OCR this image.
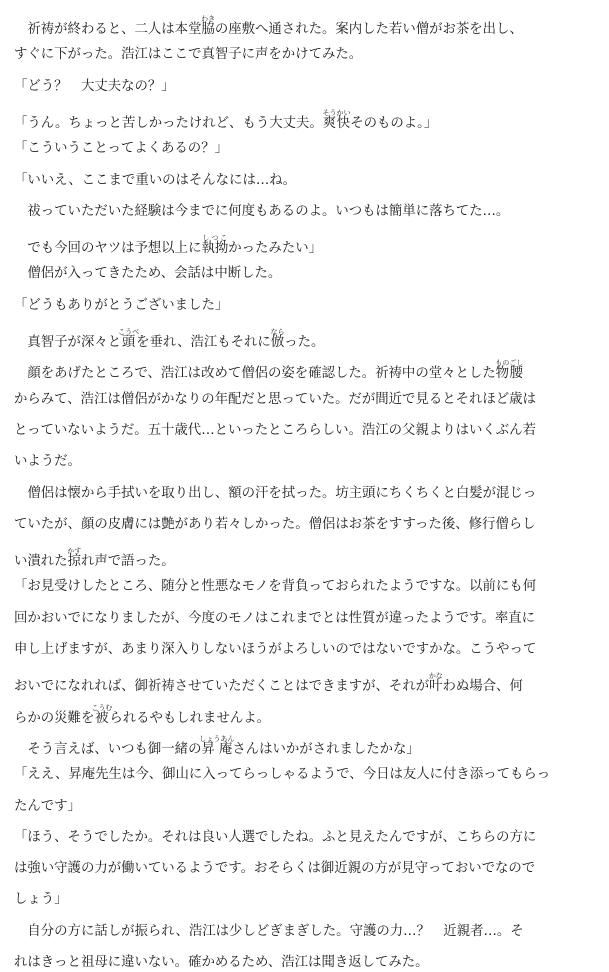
　祈祷が終わると、二人は本堂脇わきの座敷へ通された。案内した若い僧がお茶を出し、
すぐに下がった。浩江はここで真智子に声をかけてみた。
「どう？　大丈夫なの？」
「うん。ちょっと苦しかったけれど、もう大丈夫。爽快そうかいそのものよ。」
「こういうことってよくあるの？」
「いいえ、ここまで重いのはそんなには…ね。
　祓っていただいた経験は今までに何度もあるのよ。いつもは簡単に落ちてた…。
　でも今回のヤツは予想以上に執拗しつこかったみたい」
　僧侶が入ってきたため、会話は中断した。
「どうもありがとうございました」
　真智子が深々と頭こうべを垂れ、浩江もそれに倣ならった。
　顔をあげたところで、浩江は改めて僧侶の姿を確認した。祈祷中の堂々とした物腰ものごし
からみて、浩江は僧侶がかなりの年配だと思っていた。だが間近で見るとそれほど歳は
とっていないようだ。五十歳代…といったところらしい。浩江の父親よりはいくぶん若
いようだ。
　僧侶は懐から手拭いを取り出し、額の汗を拭った。坊主頭にちくちくと白髪が混じっ
ていたが、顔の皮膚には艶があり若々しかった。僧侶はお茶をすすった後、修行僧らし
い潰れた掠かすれ声で語った。
「お見受けしたところ、随分と性悪なモノを背負っておられたようですな。以前にも何
回かおいでになりましたが、今度のモノはこれまでとは性質が違ったようです。率直に
申し上げますが、あまり深入りしないほうがよろしいのではないですかな。こうやって
おいでになれれば、御祈祷させていただくことはできますが、それが叶かなわぬ場合、何
らかの災難を被こうむられるやもしれませんよ。
　そう言えば、いつも御一緒の昇庵しょうあんさんはいかがされましたかな」
「ええ、昇庵先生は今、御山に入ってらっしゃるようで、今日は友人に付き添ってもらっ
たんです」
「ほう、そうでしたか。それは良い人選でしたね。ふと見えたんですが、こちらの方に
は強い守護の力が働いているようです。おそらくは御近親の方が見守っておいでなので
しょう」
　自分の方に話しが振られ、浩江は少しどぎまぎした。守護の力…？　近親者…。そ
れはきっと祖母に違いない。確かめるため、浩江は聞き返してみた。
